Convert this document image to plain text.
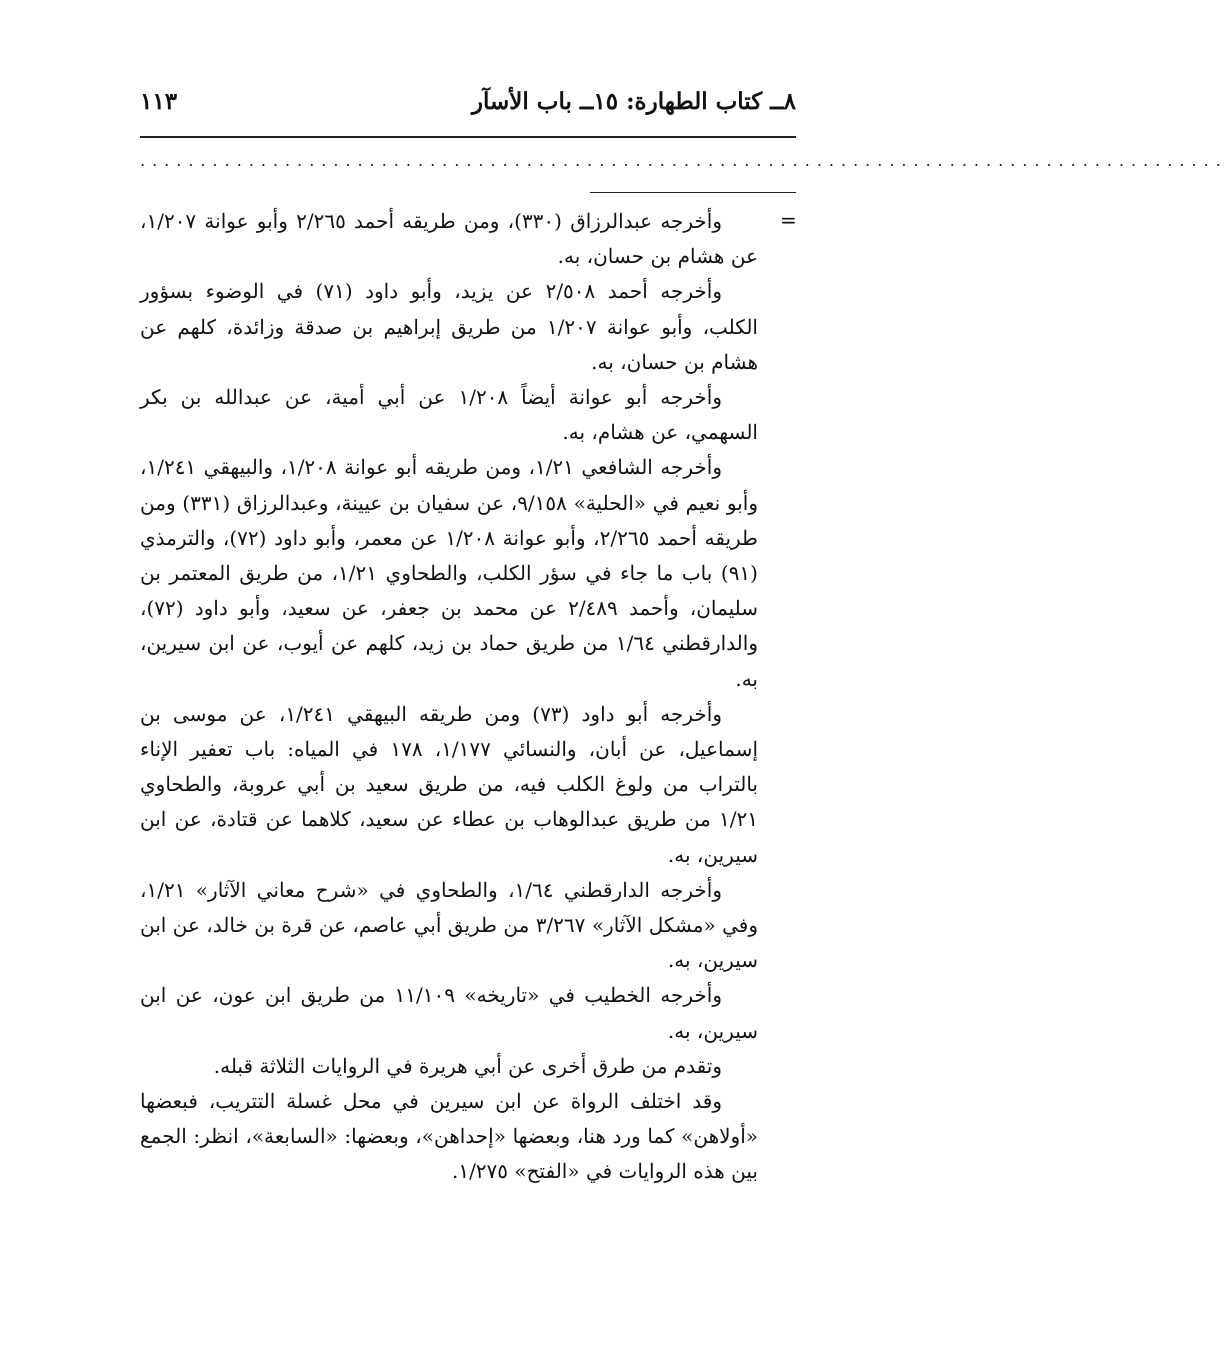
٨ــ كتاب الطهارة: ١٥ــ باب الأسآر
١١٣
..........................................................................................
=

وأخرجه عبدالرزاق (٣٣٠)، ومن طريقه أحمد ٢/٢٦٥ وأبو عوانة ١/٢٠٧، عن هشام بن حسان، به.

وأخرجه أحمد ٢/٥٠٨ عن يزيد، وأبو داود (٧١) في الوضوء بسؤور الكلب، وأبو عوانة ١/٢٠٧ من طريق إبراهيم بن صدقة وزائدة، كلهم عن هشام بن حسان، به.

وأخرجه أبو عوانة أيضاً ١/٢٠٨ عن أبي أمية، عن عبدالله بن بكر السهمي، عن هشام، به.

وأخرجه الشافعي ١/٢١، ومن طريقه أبو عوانة ١/٢٠٨، والبيهقي ١/٢٤١، وأبو نعيم في «الحلية» ٩/١٥٨، عن سفيان بن عيينة، وعبدالرزاق (٣٣١) ومن طريقه أحمد ٢/٢٦٥، وأبو عوانة ١/٢٠٨ عن معمر، وأبو داود (٧٢)، والترمذي (٩١) باب ما جاء في سؤر الكلب، والطحاوي ١/٢١، من طريق المعتمر بن سليمان، وأحمد ٢/٤٨٩ عن محمد بن جعفر، عن سعيد، وأبو داود (٧٢)، والدارقطني ١/٦٤ من طريق حماد بن زيد، كلهم عن أيوب، عن ابن سيرين، به.

وأخرجه أبو داود (٧٣) ومن طريقه البيهقي ١/٢٤١، عن موسى بن إسماعيل، عن أبان، والنسائي ١/١٧٧، ١٧٨ في المياه: باب تعفير الإناء بالتراب من ولوغ الكلب فيه، من طريق سعيد بن أبي عروبة، والطحاوي ١/٢١ من طريق عبدالوهاب بن عطاء عن سعيد، كلاهما عن قتادة، عن ابن سيرين، به.

وأخرجه الدارقطني ١/٦٤، والطحاوي في «شرح معاني الآثار» ١/٢١، وفي «مشكل الآثار» ٣/٢٦٧ من طريق أبي عاصم، عن قرة بن خالد، عن ابن سيرين، به.

وأخرجه الخطيب في «تاريخه» ١١/١٠٩ من طريق ابن عون، عن ابن سيرين، به.

وتقدم من طرق أخرى عن أبي هريرة في الروايات الثلاثة قبله.

وقد اختلف الرواة عن ابن سيرين في محل غسلة التتريب، فبعضها «أولاهن» كما ورد هنا، وبعضها «إحداهن»، وبعضها: «السابعة»، انظر: الجمع بين هذه الروايات في «الفتح» ١/٢٧٥.
